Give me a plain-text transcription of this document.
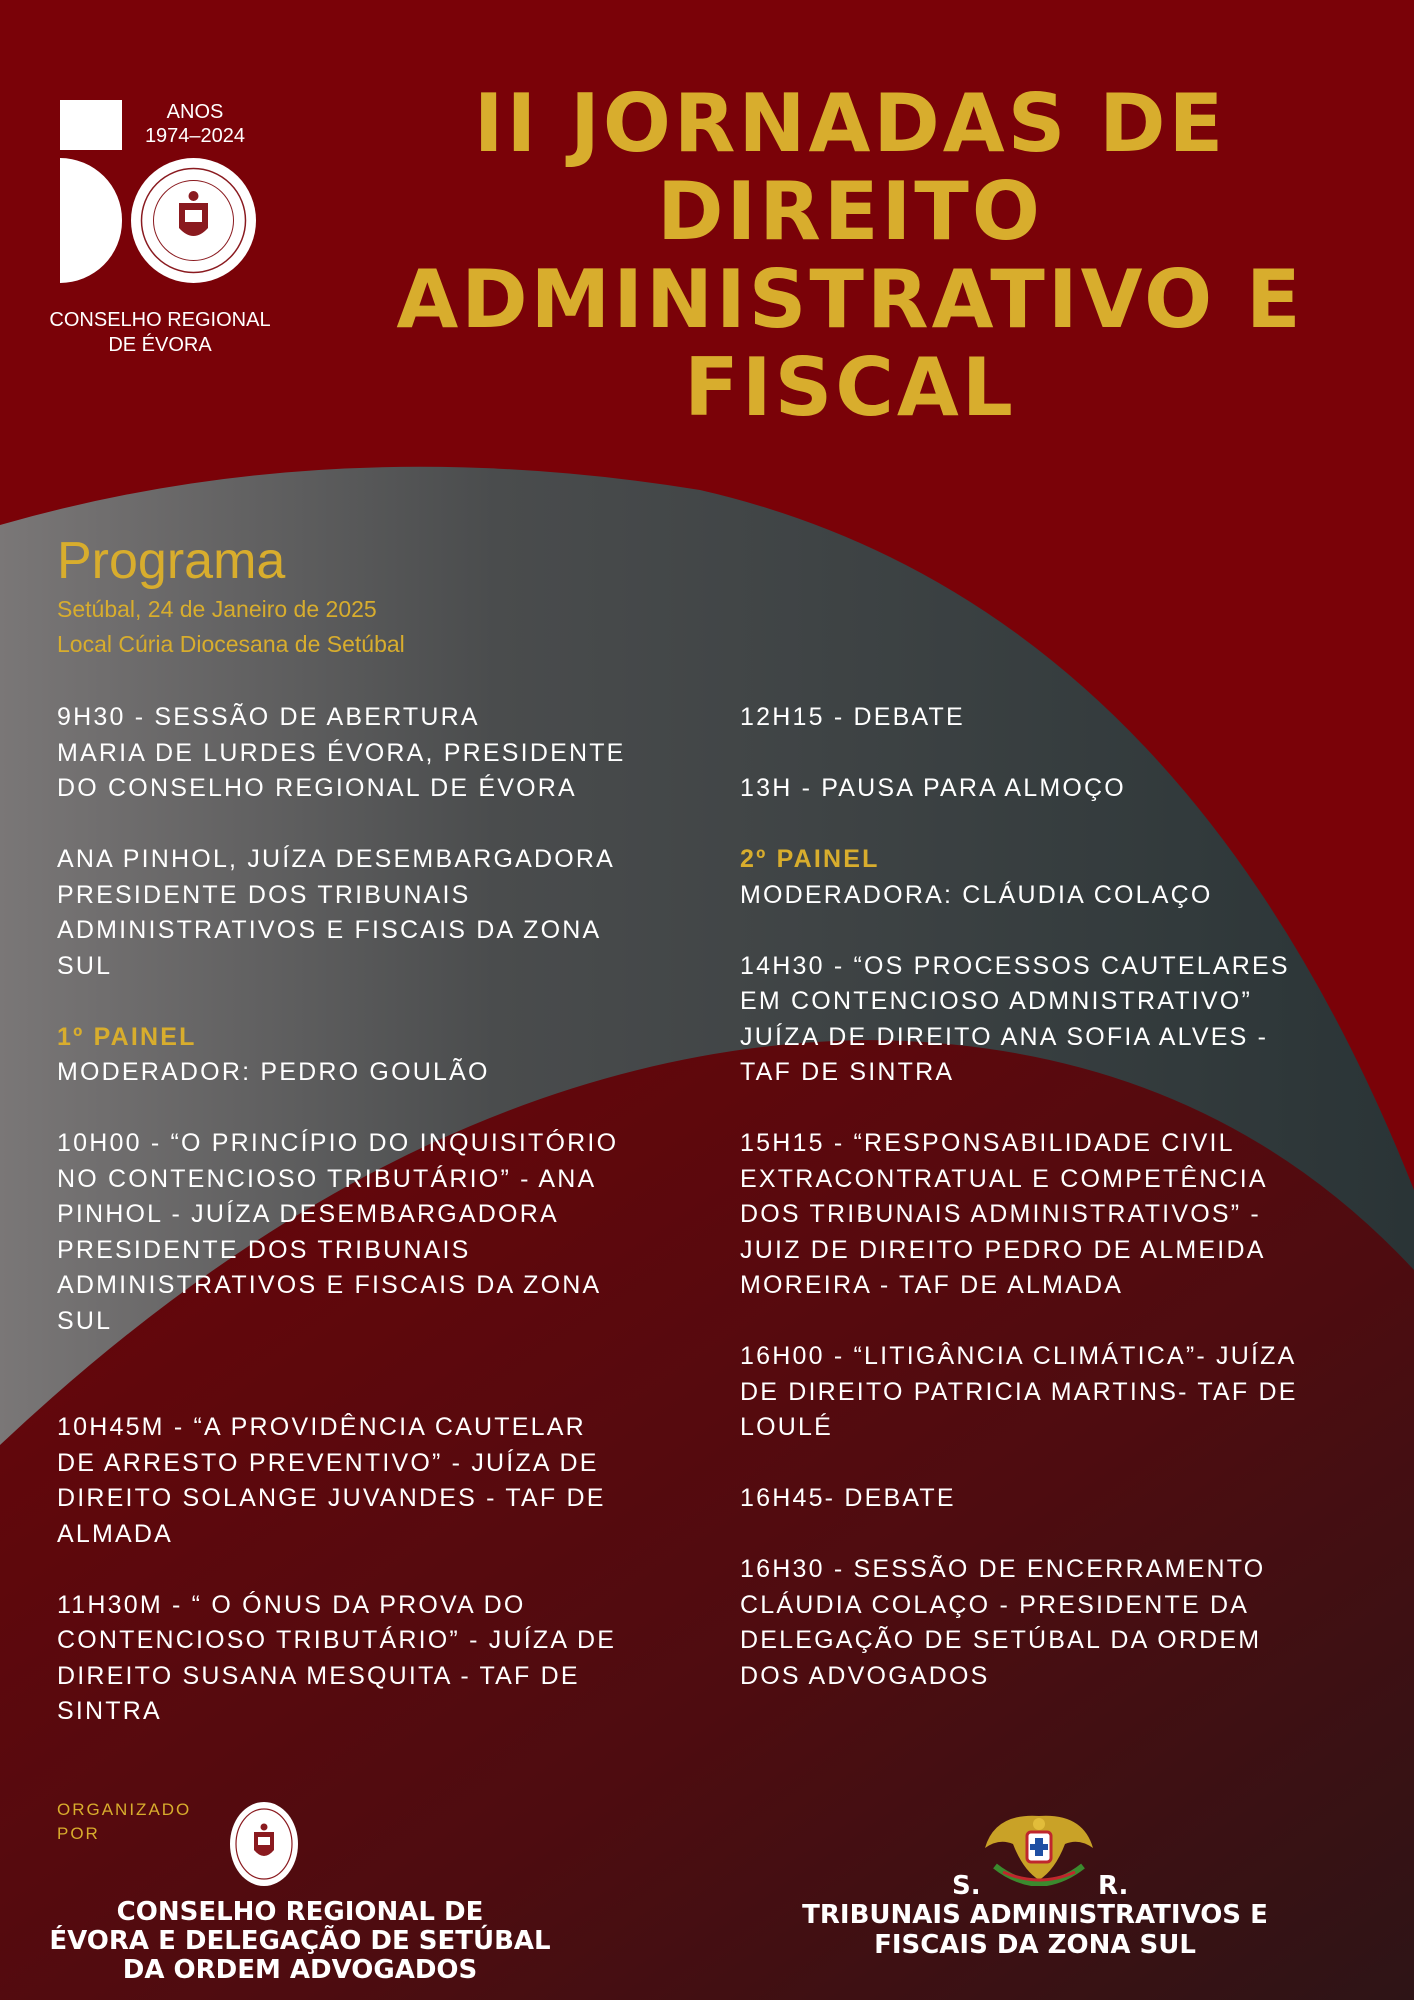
ANOS
1974–2024
CONSELHO REGIONAL
DE ÉVORA
II JORNADAS DE
DIREITO
ADMINISTRATIVO E
FISCAL
Programa
Setúbal, 24 de Janeiro de 2025
Local Cúria Diocesana de Setúbal
9H30 - SESSÃO DE ABERTURA
MARIA DE LURDES ÉVORA, PRESIDENTE
DO CONSELHO REGIONAL DE ÉVORA
ANA PINHOL, JUÍZA DESEMBARGADORA
PRESIDENTE DOS TRIBUNAIS
ADMINISTRATIVOS E FISCAIS DA ZONA
SUL
1º PAINEL
MODERADOR: PEDRO GOULÃO
10H00 - “O PRINCÍPIO DO INQUISITÓRIO
NO CONTENCIOSO TRIBUTÁRIO” - ANA
PINHOL - JUÍZA DESEMBARGADORA
PRESIDENTE DOS TRIBUNAIS
ADMINISTRATIVOS E FISCAIS DA ZONA
SUL
10H45M - “A PROVIDÊNCIA CAUTELAR
DE ARRESTO PREVENTIVO” - JUÍZA DE
DIREITO SOLANGE JUVANDES - TAF DE
ALMADA
11H30M - “ O ÓNUS DA PROVA DO
CONTENCIOSO TRIBUTÁRIO” - JUÍZA DE
DIREITO SUSANA MESQUITA - TAF DE
SINTRA
12H15 - DEBATE
13H - PAUSA PARA ALMOÇO
2º PAINEL
MODERADORA: CLÁUDIA COLAÇO
14H30 - “OS PROCESSOS CAUTELARES
EM CONTENCIOSO ADMNISTRATIVO”
JUÍZA DE DIREITO ANA SOFIA ALVES -
TAF DE SINTRA
15H15 - “RESPONSABILIDADE CIVIL
EXTRACONTRATUAL E COMPETÊNCIA
DOS TRIBUNAIS ADMINISTRATIVOS” -
JUIZ DE DIREITO PEDRO DE ALMEIDA
MOREIRA - TAF DE ALMADA
16H00 - “LITIGÂNCIA CLIMÁTICA”- JUÍZA
DE DIREITO PATRICIA MARTINS- TAF DE
LOULÉ
16H45- DEBATE
16H30 - SESSÃO DE ENCERRAMENTO
CLÁUDIA COLAÇO - PRESIDENTE DA
DELEGAÇÃO DE SETÚBAL DA ORDEM
DOS ADVOGADOS
ORGANIZADO
POR
CONSELHO REGIONAL DE
ÉVORA E DELEGAÇÃO DE SETÚBAL
DA ORDEM ADVOGADOS
S.	R.
TRIBUNAIS ADMINISTRATIVOS E
FISCAIS DA ZONA SUL
